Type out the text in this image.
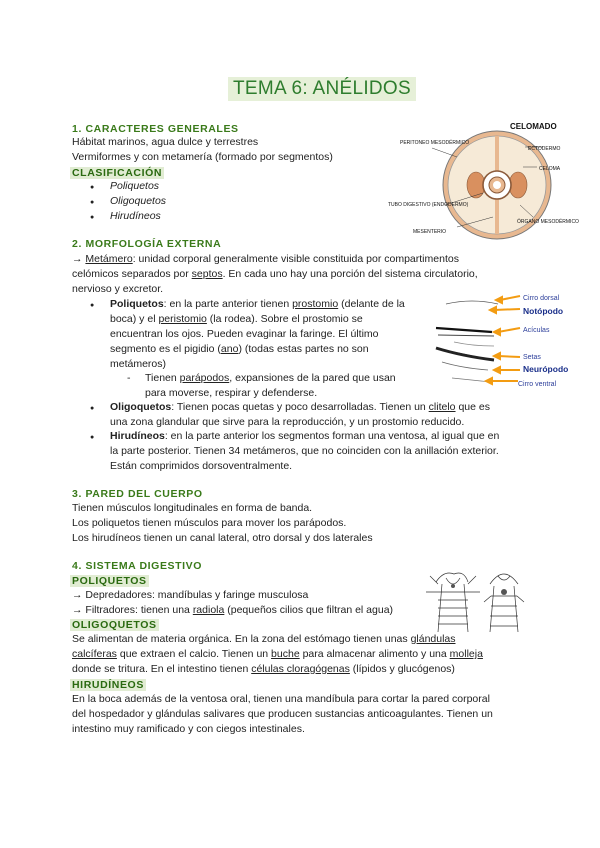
TEMA 6: ANÉLIDOS
1. CARACTERES GENERALES
Hábitat marinos, agua dulce y terrestres
Vermiformes y con metamería (formado por segmentos)
CLASIFICACIÓN
● Poliquetos
● Oligoquetos
● Hirudíneos
CELOMADO
PERITONEO MESODÉRMICO
ECTODERMO
CELOMA
TUBO DIGESTIVO (ENDODERMO)
ÓRGANO MESODÉRMICO
MESENTERIO
2. MORFOLOGÍA EXTERNA
→ Metámero: unidad corporal generalmente visible constituida por compartimentos
celómicos separados por septos. En cada uno hay una porción del sistema circulatorio,
nervioso y excretor.
● Poliquetos: en la parte anterior tienen prostomio (delante de la
boca) y el peristomio (la rodea). Sobre el prostomio se
encuentran los ojos. Pueden evaginar la faringe. El último
segmento es el pigidio (ano) (todas estas partes no son
metámeros)
- Tienen parápodos, expansiones de la pared que usan
para moverse, respirar y defenderse.
● Oligoquetos: Tienen pocas quetas y poco desarrolladas. Tienen un clitelo que es
una zona glandular que sirve para la reproducción, y un prostomio reducido.
● Hirudíneos: en la parte anterior los segmentos forman una ventosa, al igual que en
la parte posterior. Tienen 34 metámeros, que no coinciden con la anillación exterior.
Están comprimidos dorsoventralmente.
Cirro dorsal
Notópodo
Acículas
Setas
Neurópodo
Cirro ventral
3. PARED DEL CUERPO
Tienen músculos longitudinales en forma de banda.
Los poliquetos tienen músculos para mover los parápodos.
Los hirudíneos tienen un canal lateral, otro dorsal y dos laterales
4. SISTEMA DIGESTIVO
POLIQUETOS
→ Depredadores: mandíbulas y faringe musculosa
→ Filtradores: tienen una radiola (pequeños cilios que filtran el agua)
OLIGOQUETOS
Se alimentan de materia orgánica. En la zona del estómago tienen unas glándulas
calcíferas que extraen el calcio. Tienen un buche para almacenar alimento y una molleja
donde se tritura. En el intestino tienen células cloragógenas (lípidos y glucógenos)
HIRUDÍNEOS
En la boca además de la ventosa oral, tienen una mandíbula para cortar la pared corporal
del hospedador y glándulas salivares que producen sustancias anticoagulantes. Tienen un
intestino muy ramificado y con ciegos intestinales.
